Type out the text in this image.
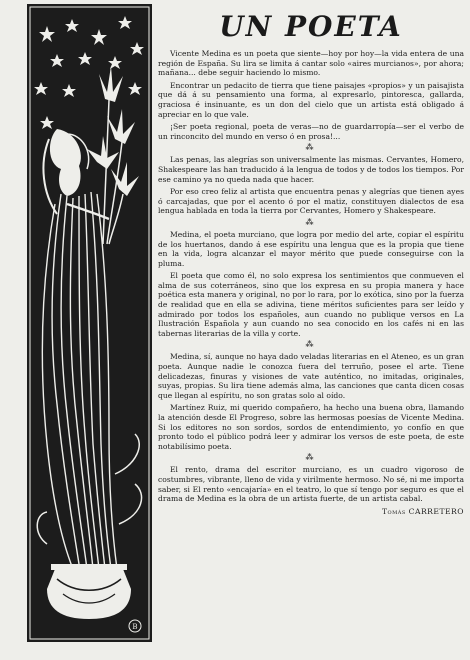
B
UN POETA

Vicente Medina es un poeta que siente—hoy por hoy—la vida entera de una región de España. Su lira se limita á cantar solo «aires murcianos», por ahora; mañana... debe seguir haciendo lo mismo.

Encontrar un pedacito de tierra que tiene paisajes «propios» y un paisajista que dá á su pensamiento una forma, al expresarlo, pintoresca, gallarda, graciosa é insinuante, es un don del cielo que un artista está obligado á apreciar en lo que vale.

¡Ser poeta regional, poeta de veras—no de guardarropía—ser el verbo de un rinconcito del mundo en verso ó en prosa!...

⁂

Las penas, las alegrías son universalmente las mismas. Cervantes, Homero, Shakespeare las han traducido á la lengua de todos y de todos los tiempos. Por ese camino ya no queda nada que hacer.

Por eso creo feliz al artista que encuentra penas y alegrías que tienen ayes ó carcajadas, que por el acento ó por el matiz, constituyen dialectos de esa lengua hablada en toda la tierra por Cervantes, Homero y Shakespeare.

⁂

Medina, el poeta murciano, que logra por medio del arte, copiar el espíritu de los huertanos, dando á ese espíritu una lengua que es la propia que tiene en la vida, logra alcanzar el mayor mérito que puede conseguirse con la pluma.

El poeta que como él, no solo expresa los sentimientos que conmueven el alma de sus coterráneos, sino que los expresa en su propia manera y hace poética esta manera y original, no por lo rara, por lo exótica, sino por la fuerza de realidad que en ella se adivina, tiene méritos suficientes para ser leído y admirado por todos los españoles, aun cuando no publique versos en La Ilustración Española y aun cuando no sea conocido en los cafés ni en las tabernas literarias de la villa y corte.

⁂

Medina, sí, aunque no haya dado veladas literarias en el Ateneo, es un gran poeta. Aunque nadie le conozca fuera del terruño, posee el arte. Tiene delicadezas, finuras y visiones de vate auténtico, no imitadas, originales, suyas, propias. Su lira tiene además alma, las canciones que canta dicen cosas que llegan al espíritu, no son gratas solo al oído.

Martínez Ruiz, mi querido compañero, ha hecho una buena obra, llamando la atención desde El Progreso, sobre las hermosas poesías de Vicente Medina. Si los editores no son sordos, sordos de entendimiento, yo confío en que pronto todo el público podrá leer y admirar los versos de este poeta, de este notabilísimo poeta.

⁂

El rento, drama del escritor murciano, es un cuadro vigoroso de costumbres, vibrante, lleno de vida y virilmente hermoso. No sé, ni me importa saber, si El rento «encajaría» en el teatro, lo que sí tengo por seguro es que el drama de Medina es la obra de un artista fuerte, de un artista cabal.

Tomás CARRETERO
